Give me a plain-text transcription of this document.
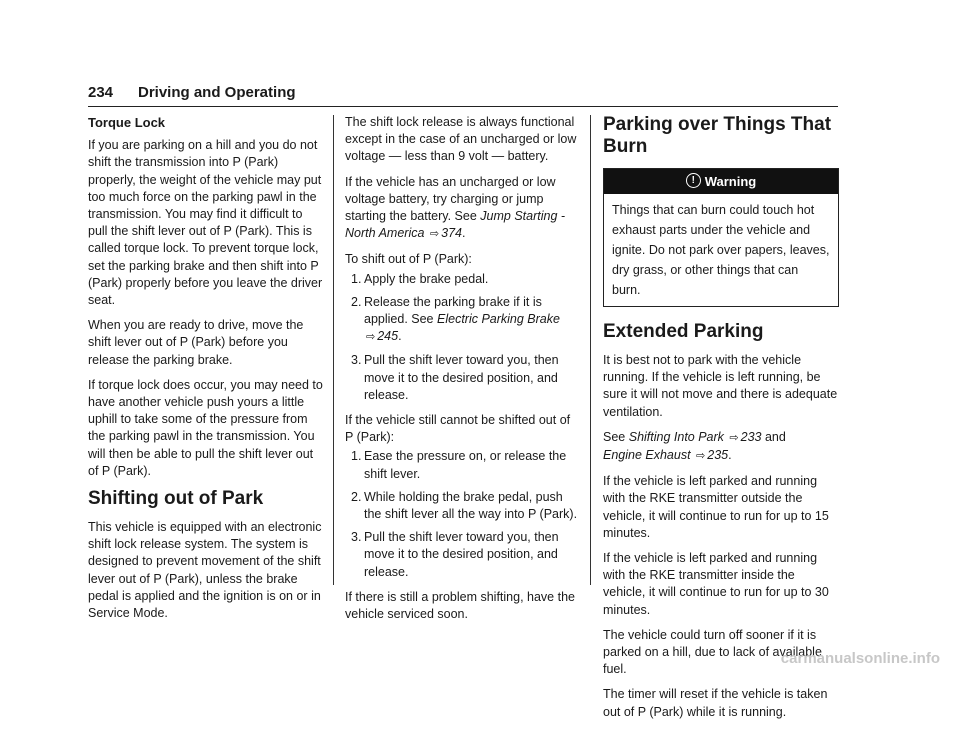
234 Driving and Operating
Torque Lock

If you are parking on a hill and you do not shift the transmission into P (Park) properly, the weight of the vehicle may put too much force on the parking pawl in the transmission. You may find it difficult to pull the shift lever out of P (Park). This is called torque lock. To prevent torque lock, set the parking brake and then shift into P (Park) properly before you leave the driver seat.

When you are ready to drive, move the shift lever out of P (Park) before you release the parking brake.

If torque lock does occur, you may need to have another vehicle push yours a little uphill to take some of the pressure from the parking pawl in the transmission. You will then be able to pull the shift lever out of P (Park).

Shifting out of Park

This vehicle is equipped with an electronic shift lock release system. The system is designed to prevent movement of the shift lever out of P (Park), unless the brake pedal is applied and the ignition is on or in Service Mode.

The shift lock release is always functional except in the case of an uncharged or low voltage — less than 9 volt — battery.

If the vehicle has an uncharged or low voltage battery, try charging or jump starting the battery. See Jump Starting - North America ⇨ 374.

To shift out of P (Park):

1. Apply the brake pedal.
2. Release the parking brake if it is applied. See Electric Parking Brake ⇨ 245.
3. Pull the shift lever toward you, then move it to the desired position, and release.

If the vehicle still cannot be shifted out of P (Park):

1. Ease the pressure on, or release the shift lever.
2. While holding the brake pedal, push the shift lever all the way into P (Park).
3. Pull the shift lever toward you, then move it to the desired position, and release.

If there is still a problem shifting, have the vehicle serviced soon.

Parking over Things That Burn
! Warning
Things that can burn could touch hot exhaust parts under the vehicle and ignite. Do not park over papers, leaves, dry grass, or other things that can burn.
Extended Parking

It is best not to park with the vehicle running. If the vehicle is left running, be sure it will not move and there is adequate ventilation.

See Shifting Into Park ⇨ 233 and
Engine Exhaust ⇨ 235.

If the vehicle is left parked and running with the RKE transmitter outside the vehicle, it will continue to run for up to 15 minutes.

If the vehicle is left parked and running with the RKE transmitter inside the vehicle, it will continue to run for up to 30 minutes.

The vehicle could turn off sooner if it is parked on a hill, due to lack of available fuel.

The timer will reset if the vehicle is taken out of P (Park) while it is running.

carmanualsonline.info
